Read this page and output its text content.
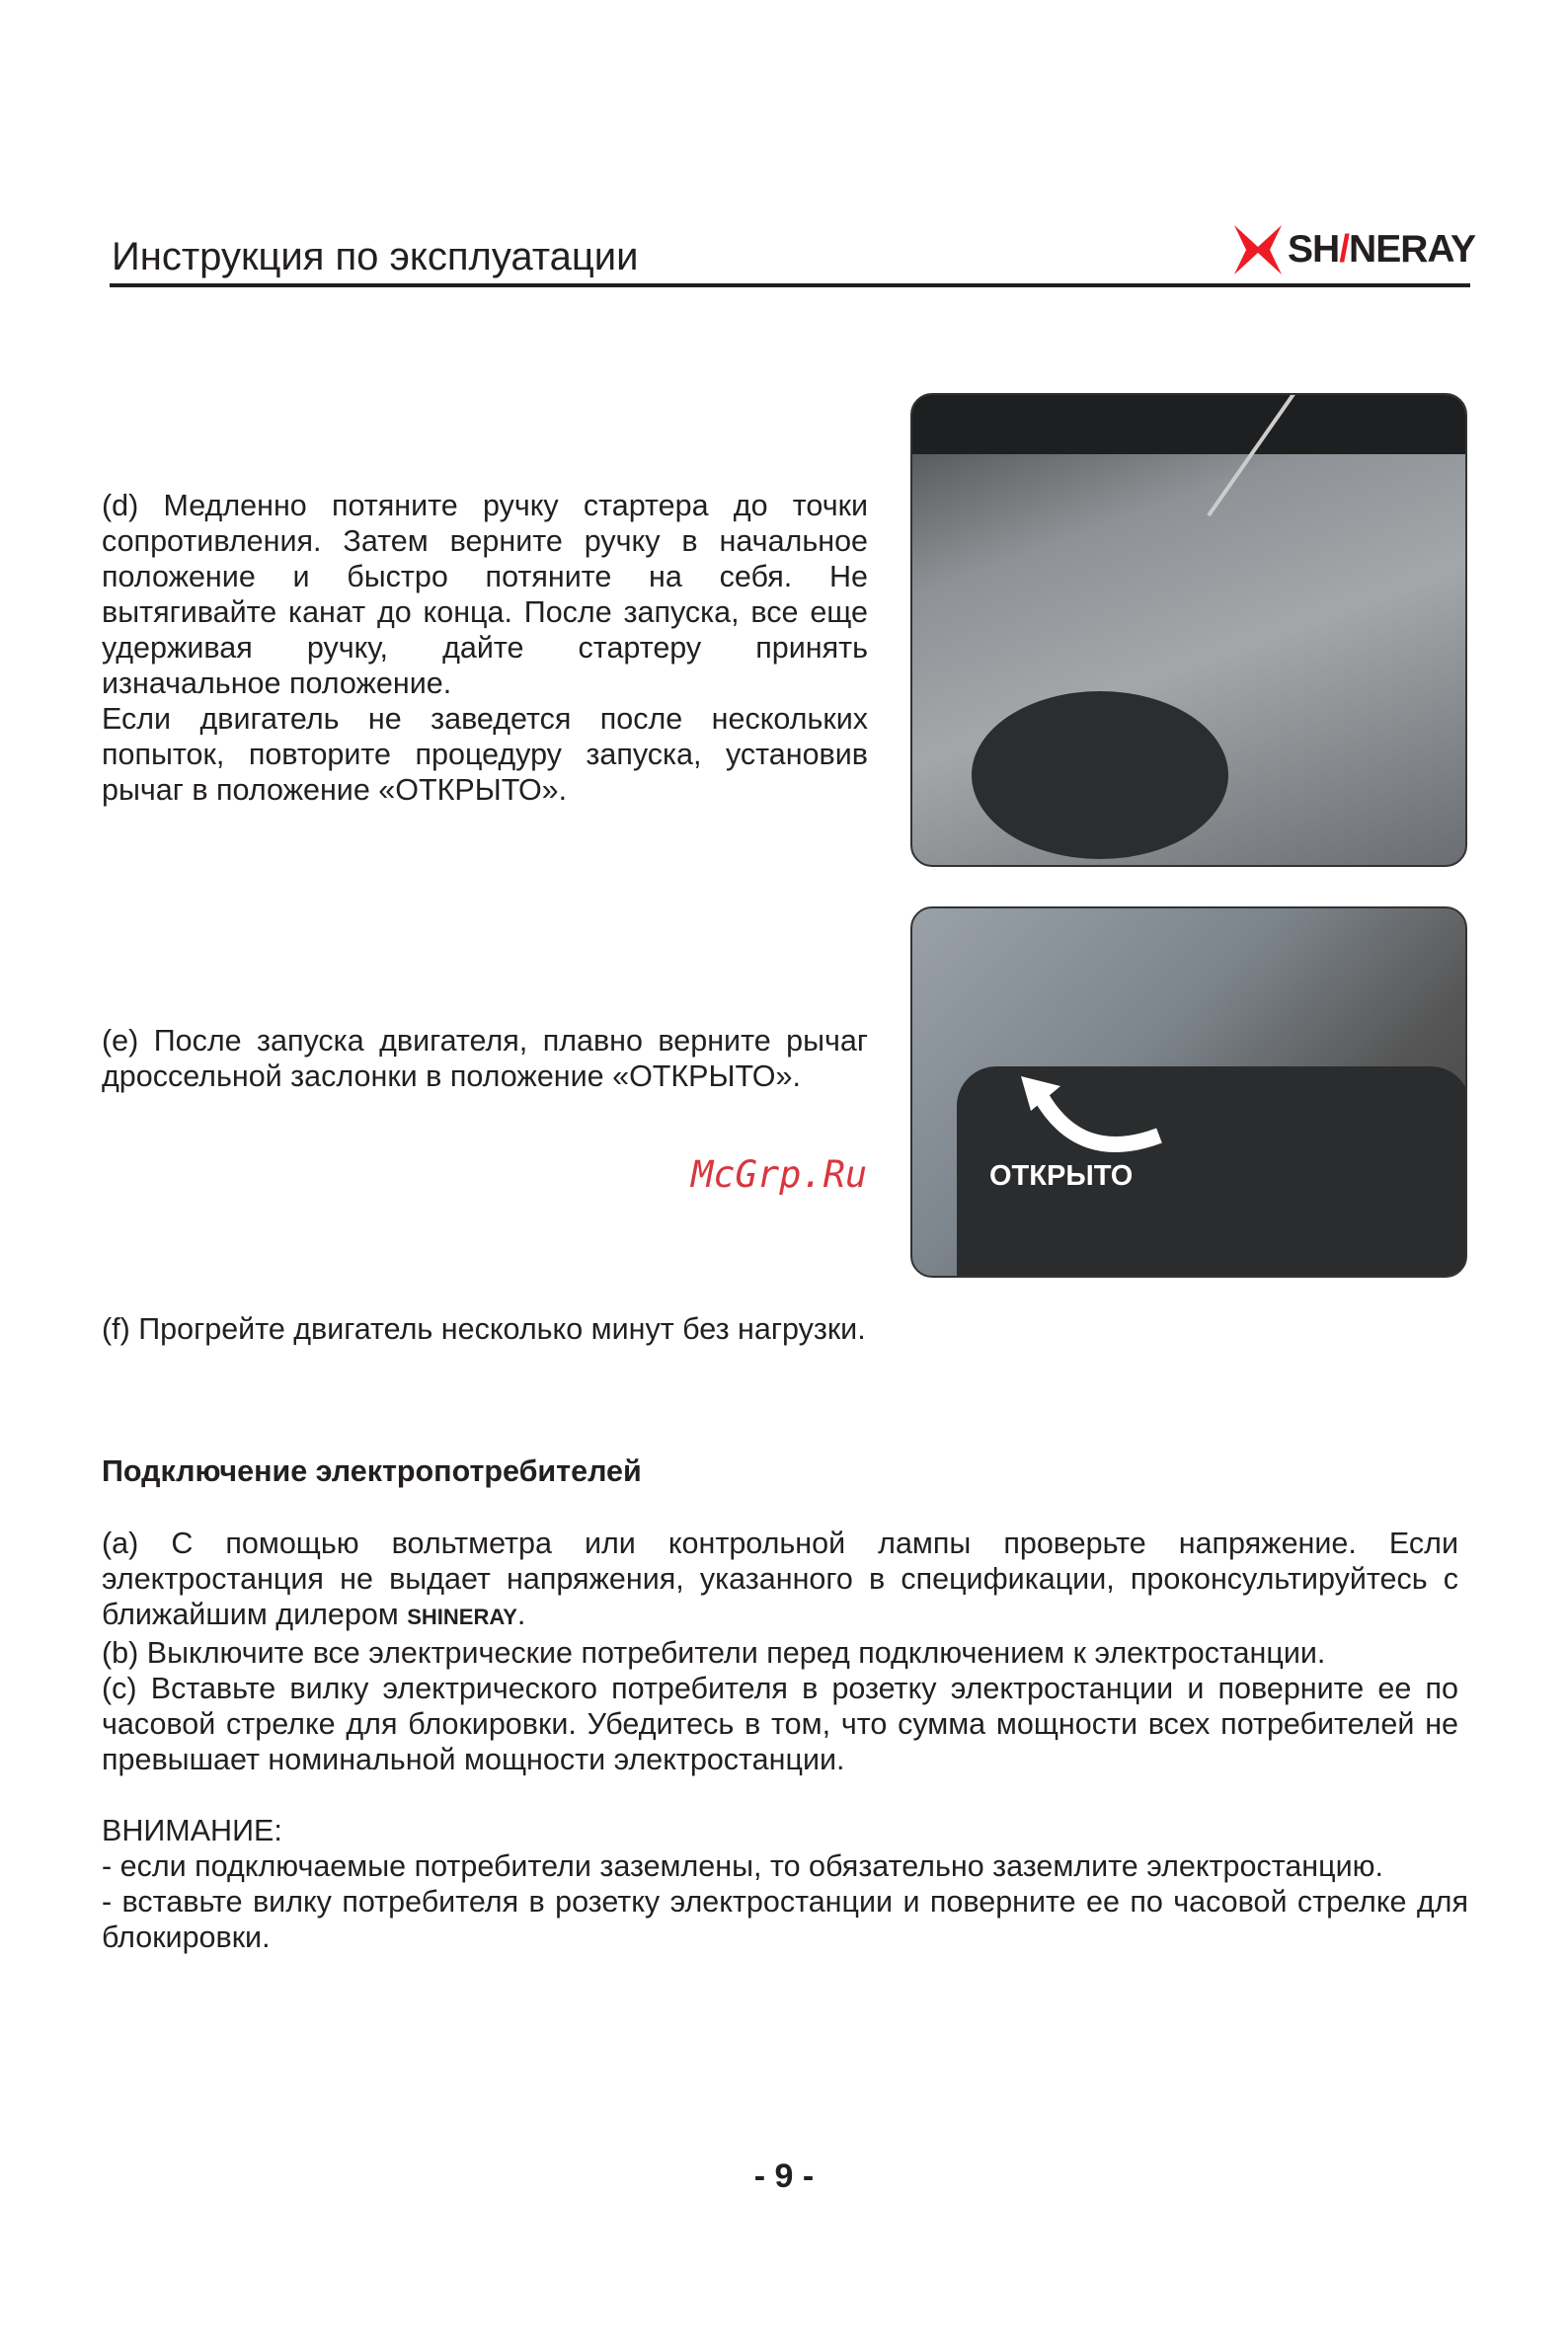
Инструкция по эксплуатации	SH/NERAY

(d) Медленно потяните ручку стартера до точки сопротивления. Затем верните ручку в начальное положение и быстро потяните на себя. Не вытягивайте канат до конца. После запуска, все еще удерживая ручку, дайте стартеру принять изначальное положение.

Если двигатель не заведется после нескольких попыток, повторите процедуру запуска, установив рычаг в положение «ОТКРЫТО».

(e) После запуска двигателя, плавно верните рычаг дроссельной заслонки в положение «ОТКРЫТО».
ОТКРЫТО
McGrp.Ru
(f) Прогрейте двигатель несколько минут без нагрузки.
Подключение электропотребителей

(a) С помощью вольтметра или контрольной лампы проверьте напряжение. Если электростанция не выдает напряжения, указанного в спецификации, проконсультируйтесь с ближайшим дилером SHINERAY.

(b) Выключите все электрические потребители перед подключением к электростанции.

(c) Вставьте вилку электрического потребителя в розетку электростанции и поверните ее по часовой стрелке для блокировки. Убедитесь в том, что сумма мощности всех потребителей не превышает номинальной мощности электростанции.

ВНИМАНИЕ:

- если подключаемые потребители заземлены, то обязательно заземлите электростанцию.

- вставьте вилку потребителя в розетку электростанции и поверните ее по часовой стрелке для блокировки.

- 9 -
